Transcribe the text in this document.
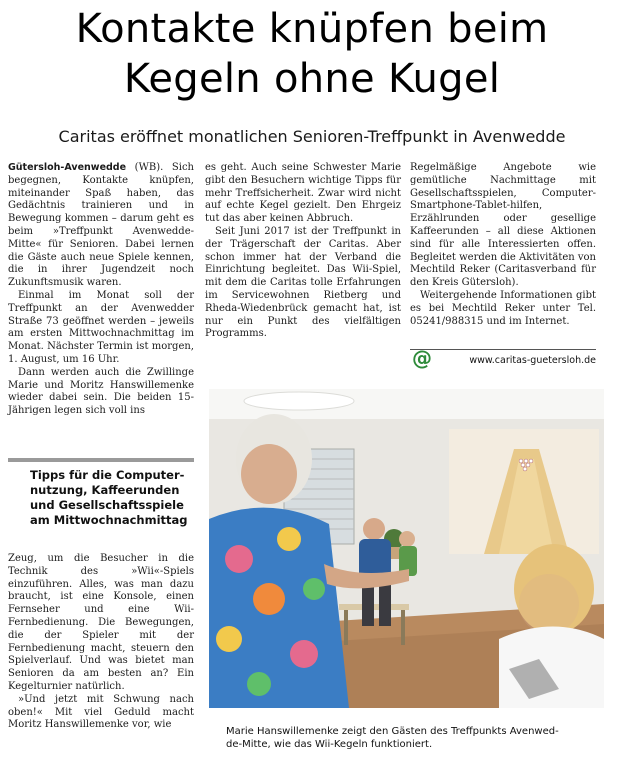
Kontakte knüpfen beim
Kegeln ohne Kugel
Caritas eröffnet monatlichen Senioren-Treffpunkt in Avenwedde

Gütersloh-Avenwedde (WB). Sich begegnen, Kontakte knüpfen, miteinander Spaß haben, das Gedächtnis trainieren und in Bewegung kommen – darum geht es beim »Treffpunkt Avenwedde-Mitte« für Senioren. Dabei lernen die Gäste auch neue Spiele kennen, die in ihrer Jugendzeit noch Zukunftsmusik waren.

Einmal im Monat soll der Treffpunkt an der Avenwedder Straße 73 geöffnet werden – jeweils am ersten Mittwochnachmittag im Monat. Nächster Termin ist morgen, 1. August, um 16 Uhr.

Dann werden auch die Zwillinge Marie und Moritz Hanswillemenke wieder dabei sein. Die beiden 15-Jährigen legen sich voll ins

Tipps für die Computer-
nutzung, Kaffeerunden
und Gesellschaftsspiele
am Mittwochnachmittag

Zeug, um die Besucher in die Technik des »Wii«-Spiels einzuführen. Alles, was man dazu braucht, ist eine Konsole, einen Fernseher und eine Wii-Fernbedienung. Die Bewegungen, die der Spieler mit der Fernbedienung macht, steuern den Spielverlauf. Und was bietet man Senioren da am besten an? Ein Kegelturnier natürlich.

»Und jetzt mit Schwung nach oben!« Mit viel Geduld macht Moritz Hanswillemenke vor, wie

es geht. Auch seine Schwester Marie gibt den Besuchern wichtige Tipps für mehr Treffsicherheit. Zwar wird nicht auf echte Kegel gezielt. Den Ehrgeiz tut das aber keinen Abbruch.

Seit Juni 2017 ist der Treffpunkt in der Trägerschaft der Caritas. Aber schon immer hat der Verband die Einrichtung begleitet. Das Wii-Spiel, mit dem die Caritas tolle Erfahrungen im Servicewohnen Rietberg und Rheda-Wiedenbrück gemacht hat, ist nur ein Punkt des vielfältigen Programms.

Regelmäßige Angebote wie gemütliche Nachmittage mit Gesellschaftsspielen, Computer-Smartphone-Tablet-hilfen, Erzählrunden oder gesellige Kaffeerunden – all diese Aktionen sind für alle Interessierten offen. Begleitet werden die Aktivitäten von Mechtild Reker (Caritasverband für den Kreis Gütersloh).

Weitergehende Informationen gibt es bei Mechtild Reker unter Tel. 05241/988315 und im Internet.

@	www.caritas-guetersloh.de
Marie Hanswillemenke zeigt den Gästen des Treffpunkts Avenwed-
de-Mitte, wie das Wii-Kegeln funktioniert.
